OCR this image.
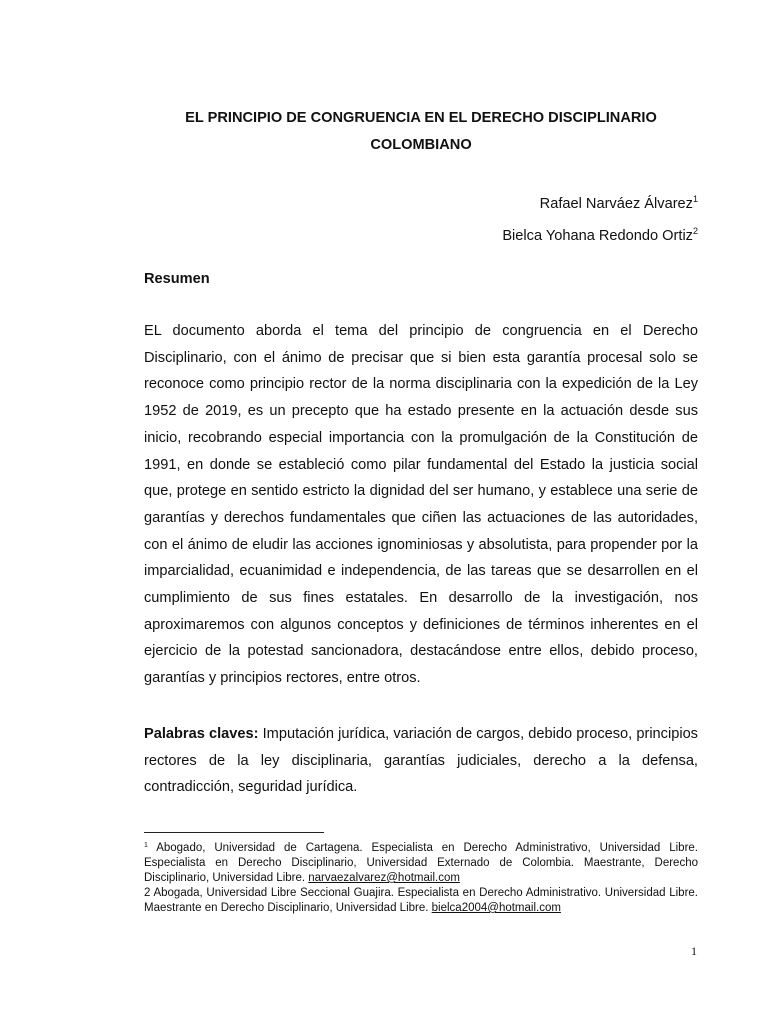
EL PRINCIPIO DE CONGRUENCIA EN EL DERECHO DISCIPLINARIO
COLOMBIANO
Rafael Narváez Álvarez$^1$
Bielca Yohana Redondo Ortiz$^2$
Resumen
EL documento aborda el tema del principio de congruencia en el Derecho Disciplinario, con el ánimo de precisar que si bien esta garantía procesal solo se reconoce como principio rector de la norma disciplinaria con la expedición de la Ley 1952 de 2019, es un precepto que ha estado presente en la actuación desde sus inicio, recobrando especial importancia con la promulgación de la Constitución de 1991, en donde se estableció como pilar fundamental del Estado la justicia social que, protege en sentido estricto la dignidad del ser humano, y establece una serie de garantías y derechos fundamentales que ciñen las actuaciones de las autoridades, con el ánimo de eludir las acciones ignominiosas y absolutista, para propender por la imparcialidad, ecuanimidad e independencia, de las tareas que se desarrollen en el cumplimiento de sus fines estatales. En desarrollo de la investigación, nos aproximaremos con algunos conceptos y definiciones de términos inherentes en el ejercicio de la potestad sancionadora, destacándose entre ellos, debido proceso, garantías y principios rectores, entre otros.
Palabras claves: Imputación jurídica, variación de cargos, debido proceso, principios rectores de la ley disciplinaria, garantías judiciales, derecho a la defensa, contradicción, seguridad jurídica.
$^1$ Abogado, Universidad de Cartagena. Especialista en Derecho Administrativo, Universidad Libre. Especialista en Derecho Disciplinario, Universidad Externado de Colombia. Maestrante, Derecho Disciplinario, Universidad Libre. narvaezalvarez@hotmail.com
2 Abogada, Universidad Libre Seccional Guajira. Especialista en Derecho Administrativo. Universidad Libre. Maestrante en Derecho Disciplinario, Universidad Libre. bielca2004@hotmail.com
1
